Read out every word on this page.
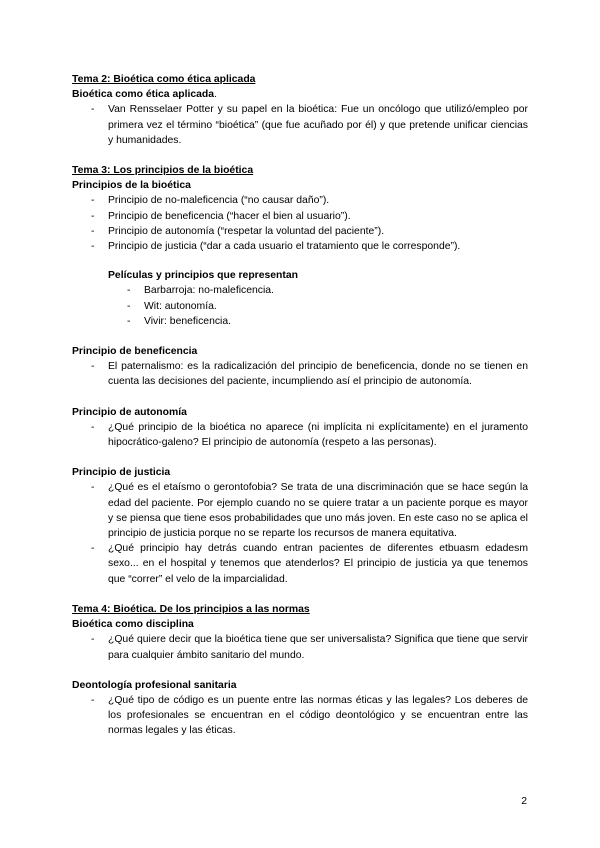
Tema 2: Bioética como ética aplicada

Bioética como ética aplicada.

- Van Rensselaer Potter y su papel en la bioética: Fue un oncólogo que utilizó/empleo por primera vez el término “bioética” (que fue acuñado por él) y que pretende unificar ciencias y humanidades.

Tema 3: Los principios de la bioética

Principios de la bioética

- Principio de no-maleficencia (“no causar daño”).
- Principio de beneficencia (“hacer el bien al usuario”).
- Principio de autonomía (“respetar la voluntad del paciente”).
- Principio de justicia (“dar a cada usuario el tratamiento que le corresponde”).

Películas y principios que representan

- Barbarroja: no-maleficencia.
- Wit: autonomía.
- Vivir: beneficencia.

Principio de beneficencia

- El paternalismo: es la radicalización del principio de beneficencia, donde no se tienen en cuenta las decisiones del paciente, incumpliendo así el principio de autonomía.

Principio de autonomía

- ¿Qué principio de la bioética no aparece (ni implícita ni explícitamente) en el juramento hipocrático-galeno? El principio de autonomía (respeto a las personas).

Principio de justicia

- ¿Qué es el etaísmo o gerontofobia? Se trata de una discriminación que se hace según la edad del paciente. Por ejemplo cuando no se quiere tratar a un paciente porque es mayor y se piensa que tiene esos probabilidades que uno más joven. En este caso no se aplica el principio de justicia porque no se reparte los recursos de manera equitativa.
- ¿Qué principio hay detrás cuando entran pacientes de diferentes etbuasm edadesm sexo... en el hospital y tenemos que atenderlos? El principio de justicia ya que tenemos que “correr” el velo de la imparcialidad.

Tema 4: Bioética. De los principios a las normas

Bioética como disciplina

- ¿Qué quiere decir que la bioética tiene que ser universalista? Significa que tiene que servir para cualquier ámbito sanitario del mundo.

Deontología profesional sanitaria

- ¿Qué tipo de código es un puente entre las normas éticas y las legales? Los deberes de los profesionales se encuentran en el código deontológico y se encuentran entre las normas legales y las éticas.
2
